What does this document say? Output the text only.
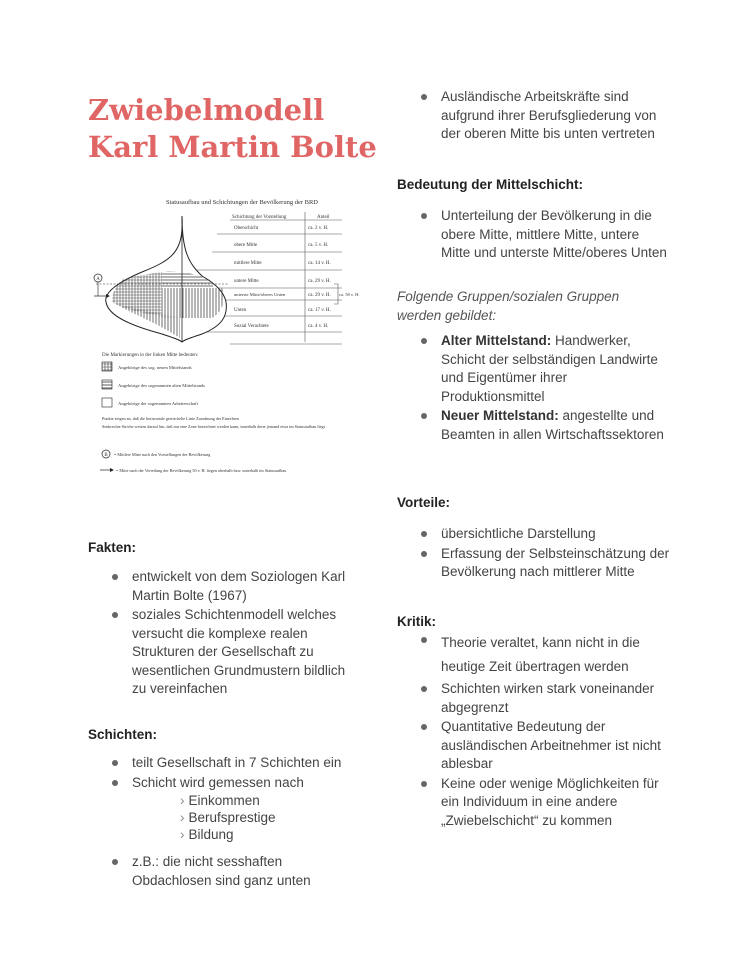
Zwiebelmodell
Karl Martin Bolte
Statusaufbau und Schichtungen der Bevölkerung der BRD
Schichtung der Vorstellung	Anteil
Oberschicht	ca. 2 v. H.
obere Mitte	ca. 5 v. H.
mittlere Mitte	ca. 14 v. H.
untere Mitte	ca. 29 v. H.
unterste Mitte/oberes Unten	ca. 29 v. H.
Unten	ca. 17 v. H.
Sozial Verachtete	ca. 4 v. H.
ca. 58 v. H.
A
Die Markierungen in der linken Mitte bedeuten:
Angehörige des sog. neuen Mittelstands
Angehörige des sogenannten alten Mittelstands
Angehörige der sogenannten Arbeiterschaft
Punkte zeigen an, daß die horizontale gestrichelte Linie Zuordnung der Einzelnen
Senkrechte Striche weisen darauf hin, daß nur eine Zone bezeichnet werden kann, innerhalb derer jemand etwa im Statusaufbau liegt.
B = Mittlere Mitte nach den Vorstellungen der Bevölkerung
= Mitte nach der Verteilung der Bevölkerung 50 v. H. liegen oberhalb bzw. unterhalb im Statusaufbau
Fakten:
entwickelt von dem Soziologen Karl Martin Bolte (1967)
soziales Schichtenmodell welches versucht die komplexe realen Strukturen der Gesellschaft zu wesentlichen Grundmustern bildlich zu vereinfachen
Schichten:
teilt Gesellschaft in 7 Schichten ein
Schicht wird gemessen nach
› Einkommen
› Berufsprestige
› Bildung
z.B.: die nicht sesshaften Obdachlosen sind ganz unten
Ausländische Arbeitskräfte sind aufgrund ihrer Berufsgliederung von der oberen Mitte bis unten vertreten
Bedeutung der Mittelschicht:
Unterteilung der Bevölkerung in die obere Mitte, mittlere Mitte, untere Mitte und unterste Mitte/oberes Unten

Folgende Gruppen/sozialen Gruppen werden gebildet:

Alter Mittelstand: Handwerker, Schicht der selbständigen Landwirte und Eigentümer ihrer Produktionsmittel
Neuer Mittelstand: angestellte und Beamten in allen Wirtschaftssektoren
Vorteile:
übersichtliche Darstellung
Erfassung der Selbsteinschätzung der Bevölkerung nach mittlerer Mitte
Kritik:
Theorie veraltet, kann nicht in die heutige Zeit übertragen werden
Schichten wirken stark voneinander abgegrenzt
Quantitative Bedeutung der ausländischen Arbeitnehmer ist nicht ablesbar
Keine oder wenige Möglichkeiten für ein Individuum in eine andere „Zwiebelschicht“ zu kommen
